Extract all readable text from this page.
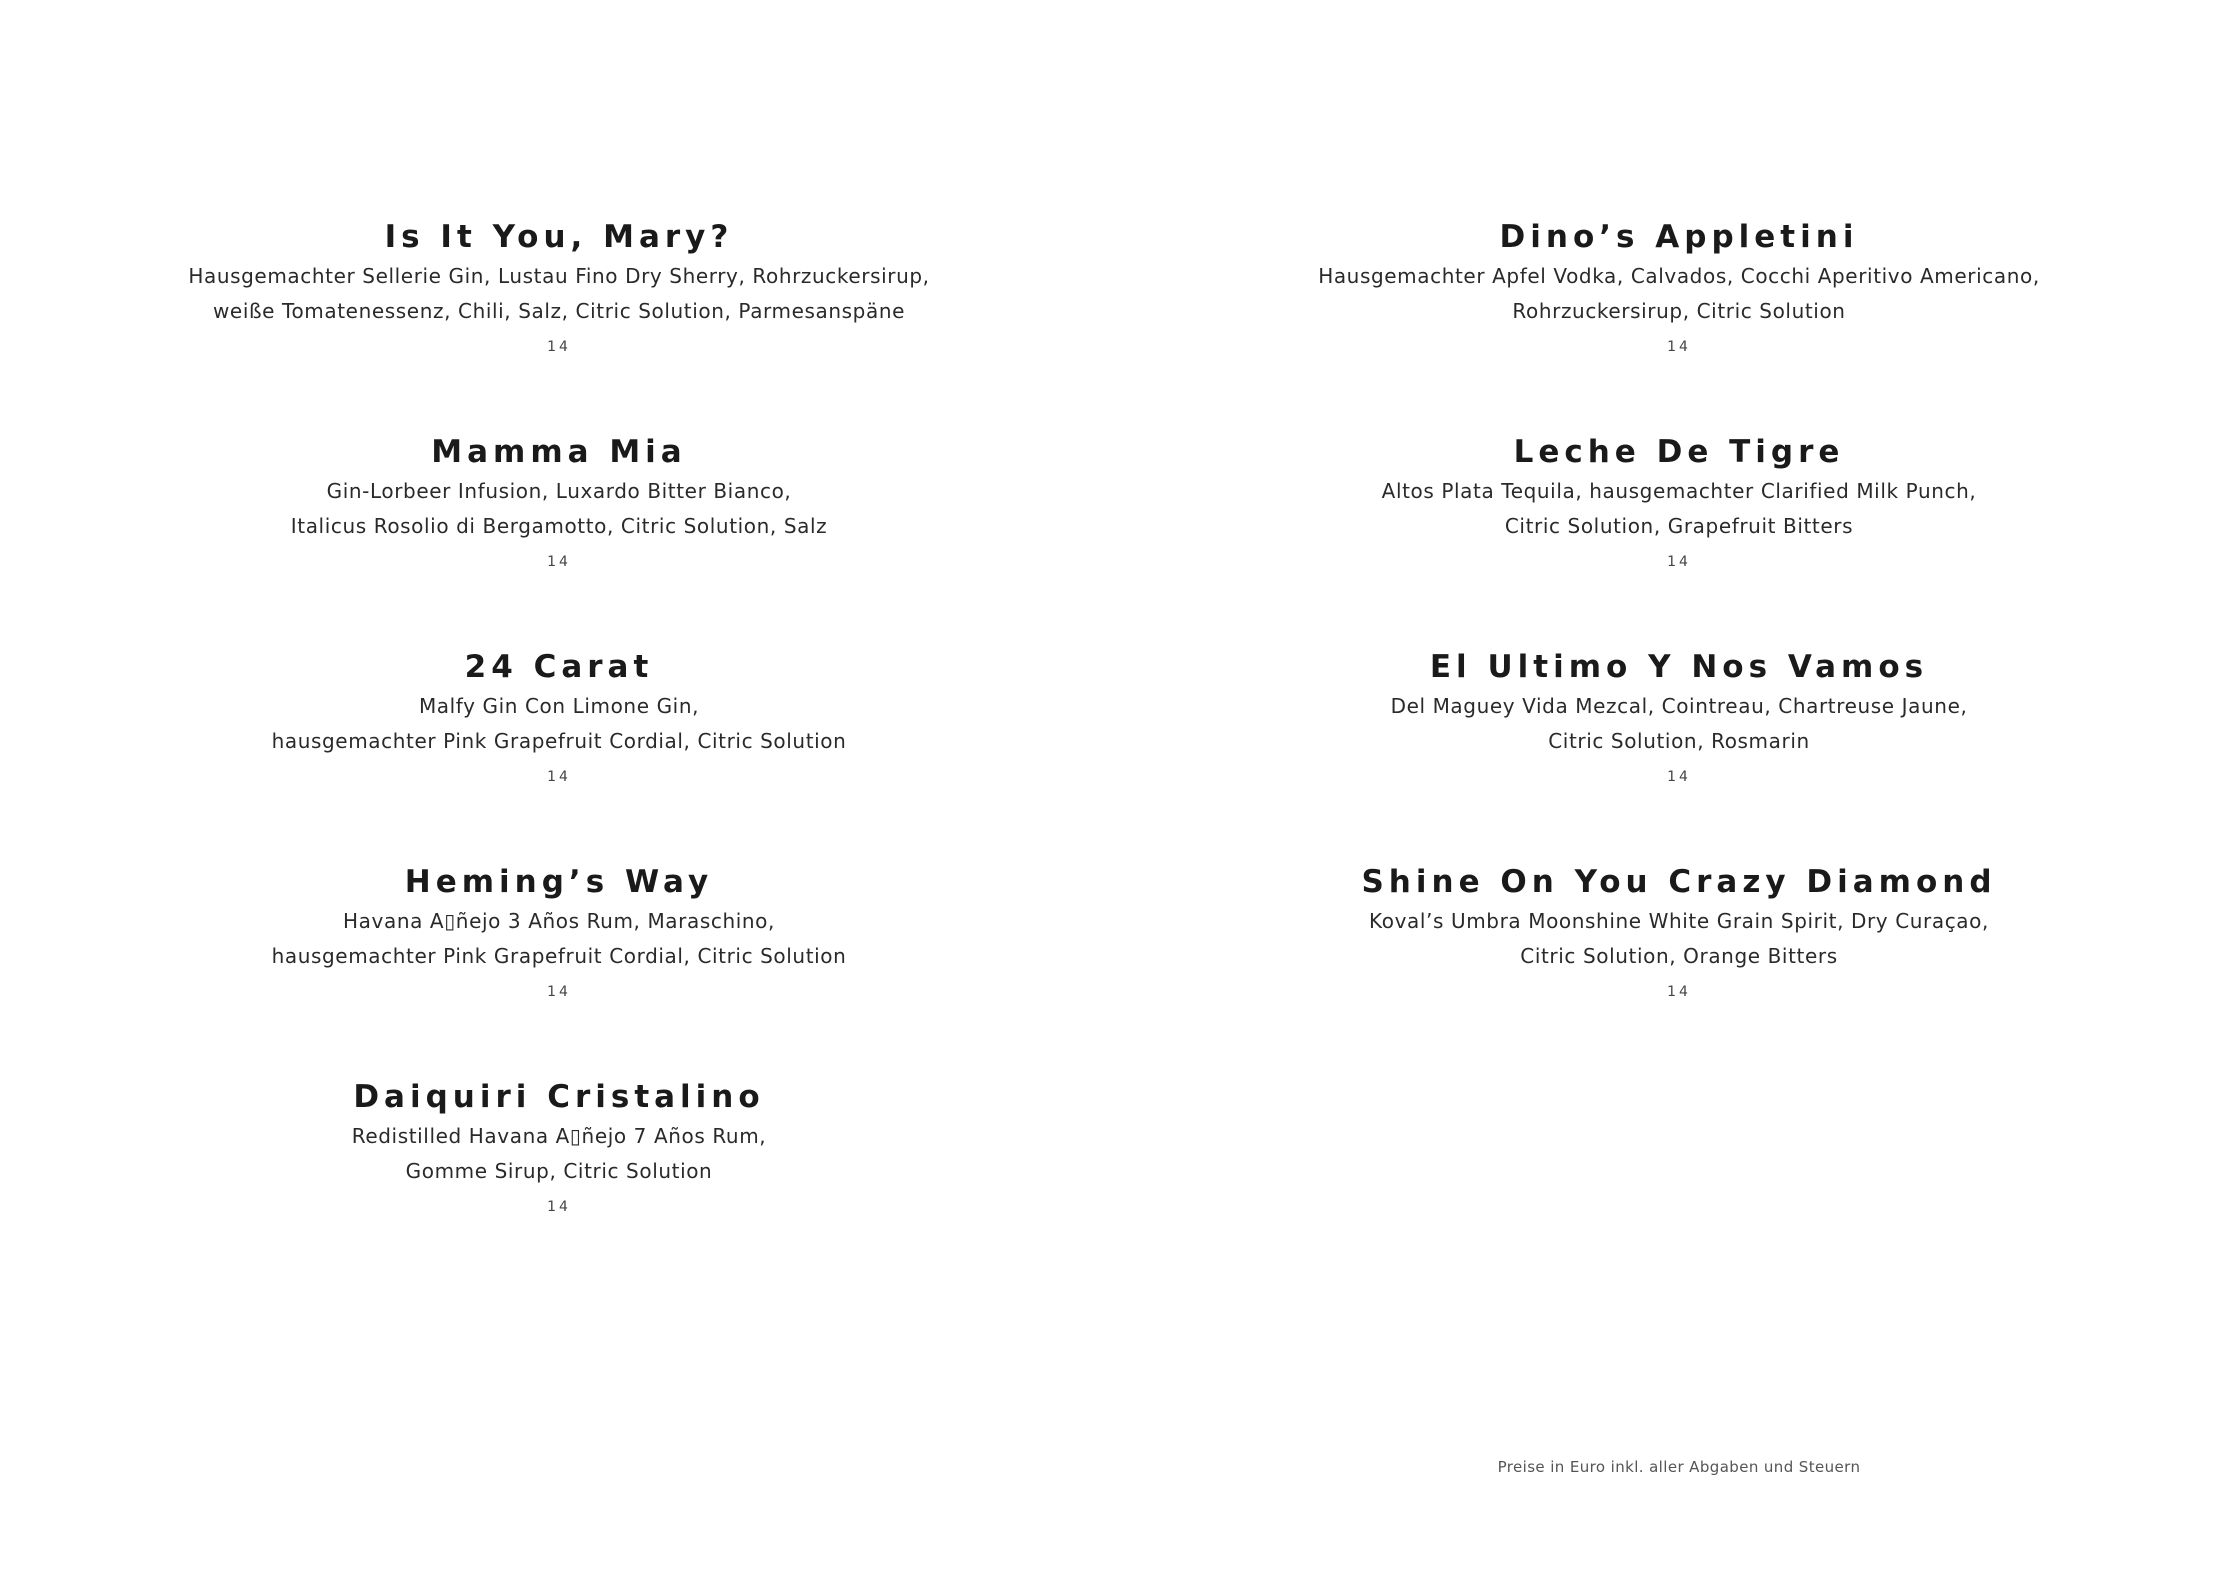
Is It You, Mary?
Hausgemachter Sellerie Gin, Lustau Fino Dry Sherry, Rohrzuckersirup,
weiße Tomatenessenz, Chili, Salz, Citric Solution, Parmesanspäne
14
Mamma Mia
Gin-Lorbeer Infusion, Luxardo Bitter Bianco,
Italicus Rosolio di Bergamotto, Citric Solution, Salz
14
24 Carat
Malfy Gin Con Limone Gin,
hausgemachter Pink Grapefruit Cordial, Citric Solution
14
Heming’s Way
Havana A▯ñejo 3 Años Rum, Maraschino,
hausgemachter Pink Grapefruit Cordial, Citric Solution
14
Daiquiri Cristalino
Redistilled Havana A▯ñejo 7 Años Rum,
Gomme Sirup, Citric Solution
14
Dino’s Appletini
Hausgemachter Apfel Vodka, Calvados, Cocchi Aperitivo Americano,
Rohrzuckersirup, Citric Solution
14
Leche De Tigre
Altos Plata Tequila, hausgemachter Clarified Milk Punch,
Citric Solution, Grapefruit Bitters
14
El Ultimo Y Nos Vamos
Del Maguey Vida Mezcal, Cointreau, Chartreuse Jaune,
Citric Solution, Rosmarin
14
Shine On You Crazy Diamond
Koval’s Umbra Moonshine White Grain Spirit, Dry Curaçao,
Citric Solution, Orange Bitters
14
Preise in Euro inkl. aller Abgaben und Steuern
